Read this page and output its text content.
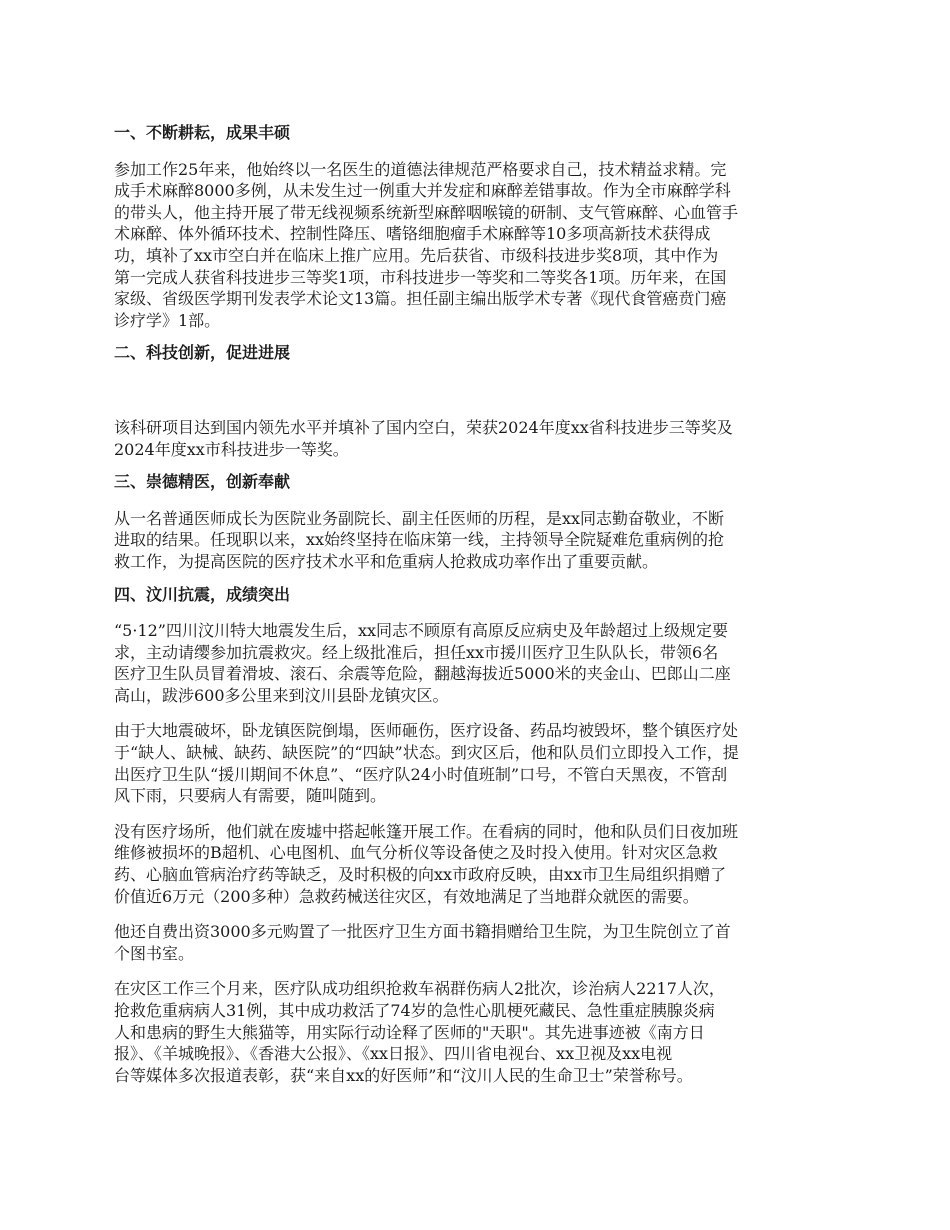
一、不断耕耘，成果丰硕

参加工作25年来，他始终以一名医生的道德法律规范严格要求自己，技术精益求精。完
成手术麻醉8000多例，从未发生过一例重大并发症和麻醉差错事故。作为全市麻醉学科
的带头人，他主持开展了带无线视频系统新型麻醉咽喉镜的研制、支气管麻醉、心血管手
术麻醉、体外循环技术、控制性降压、嗜铬细胞瘤手术麻醉等10多项高新技术获得成
功，填补了xx市空白并在临床上推广应用。先后获省、市级科技进步奖8项，其中作为
第一完成人获省科技进步三等奖1项，市科技进步一等奖和二等奖各1项。历年来，在国
家级、省级医学期刊发表学术论文13篇。担任副主编出版学术专著《现代食管癌贲门癌
诊疗学》1部。

二、科技创新，促进进展

该科研项目达到国内领先水平并填补了国内空白，荣获2024年度xx省科技进步三等奖及
2024年度xx市科技进步一等奖。

三、崇德精医，创新奉献

从一名普通医师成长为医院业务副院长、副主任医师的历程，是xx同志勤奋敬业，不断
进取的结果。任现职以来，xx始终坚持在临床第一线，主持领导全院疑难危重病例的抢
救工作，为提高医院的医疗技术水平和危重病人抢救成功率作出了重要贡献。

四、汶川抗震，成绩突出

“5·12”四川汶川特大地震发生后，xx同志不顾原有高原反应病史及年龄超过上级规定要
求，主动请缨参加抗震救灾。经上级批准后，担任xx市援川医疗卫生队队长，带领6名
医疗卫生队员冒着滑坡、滚石、余震等危险，翻越海拔近5000米的夹金山、巴郎山二座
高山，跋涉600多公里来到汶川县卧龙镇灾区。

由于大地震破坏，卧龙镇医院倒塌，医师砸伤，医疗设备、药品均被毁坏，整个镇医疗处
于“缺人、缺械、缺药、缺医院”的“四缺”状态。到灾区后，他和队员们立即投入工作，提
出医疗卫生队“援川期间不休息”、“医疗队24小时值班制”口号，不管白天黑夜，不管刮
风下雨，只要病人有需要，随叫随到。

没有医疗场所，他们就在废墟中搭起帐篷开展工作。在看病的同时，他和队员们日夜加班
维修被损坏的B超机、心电图机、血气分析仪等设备使之及时投入使用。针对灾区急救
药、心脑血管病治疗药等缺乏，及时积极的向xx市政府反映，由xx市卫生局组织捐赠了
价值近6万元（200多种）急救药械送往灾区，有效地满足了当地群众就医的需要。

他还自费出资3000多元购置了一批医疗卫生方面书籍捐赠给卫生院，为卫生院创立了首
个图书室。

在灾区工作三个月来，医疗队成功组织抢救车祸群伤病人2批次，诊治病人2217人次，
抢救危重病病人31例，其中成功救活了74岁的急性心肌梗死藏民、急性重症胰腺炎病
人和患病的野生大熊猫等，用实际行动诠释了医师的"天职"。其先进事迹被《南方日
报》、《羊城晚报》、《香港大公报》、《xx日报》、四川省电视台、xx卫视及xx电视
台等媒体多次报道表彰，获“来自xx的好医师”和“汶川人民的生命卫士”荣誉称号。
